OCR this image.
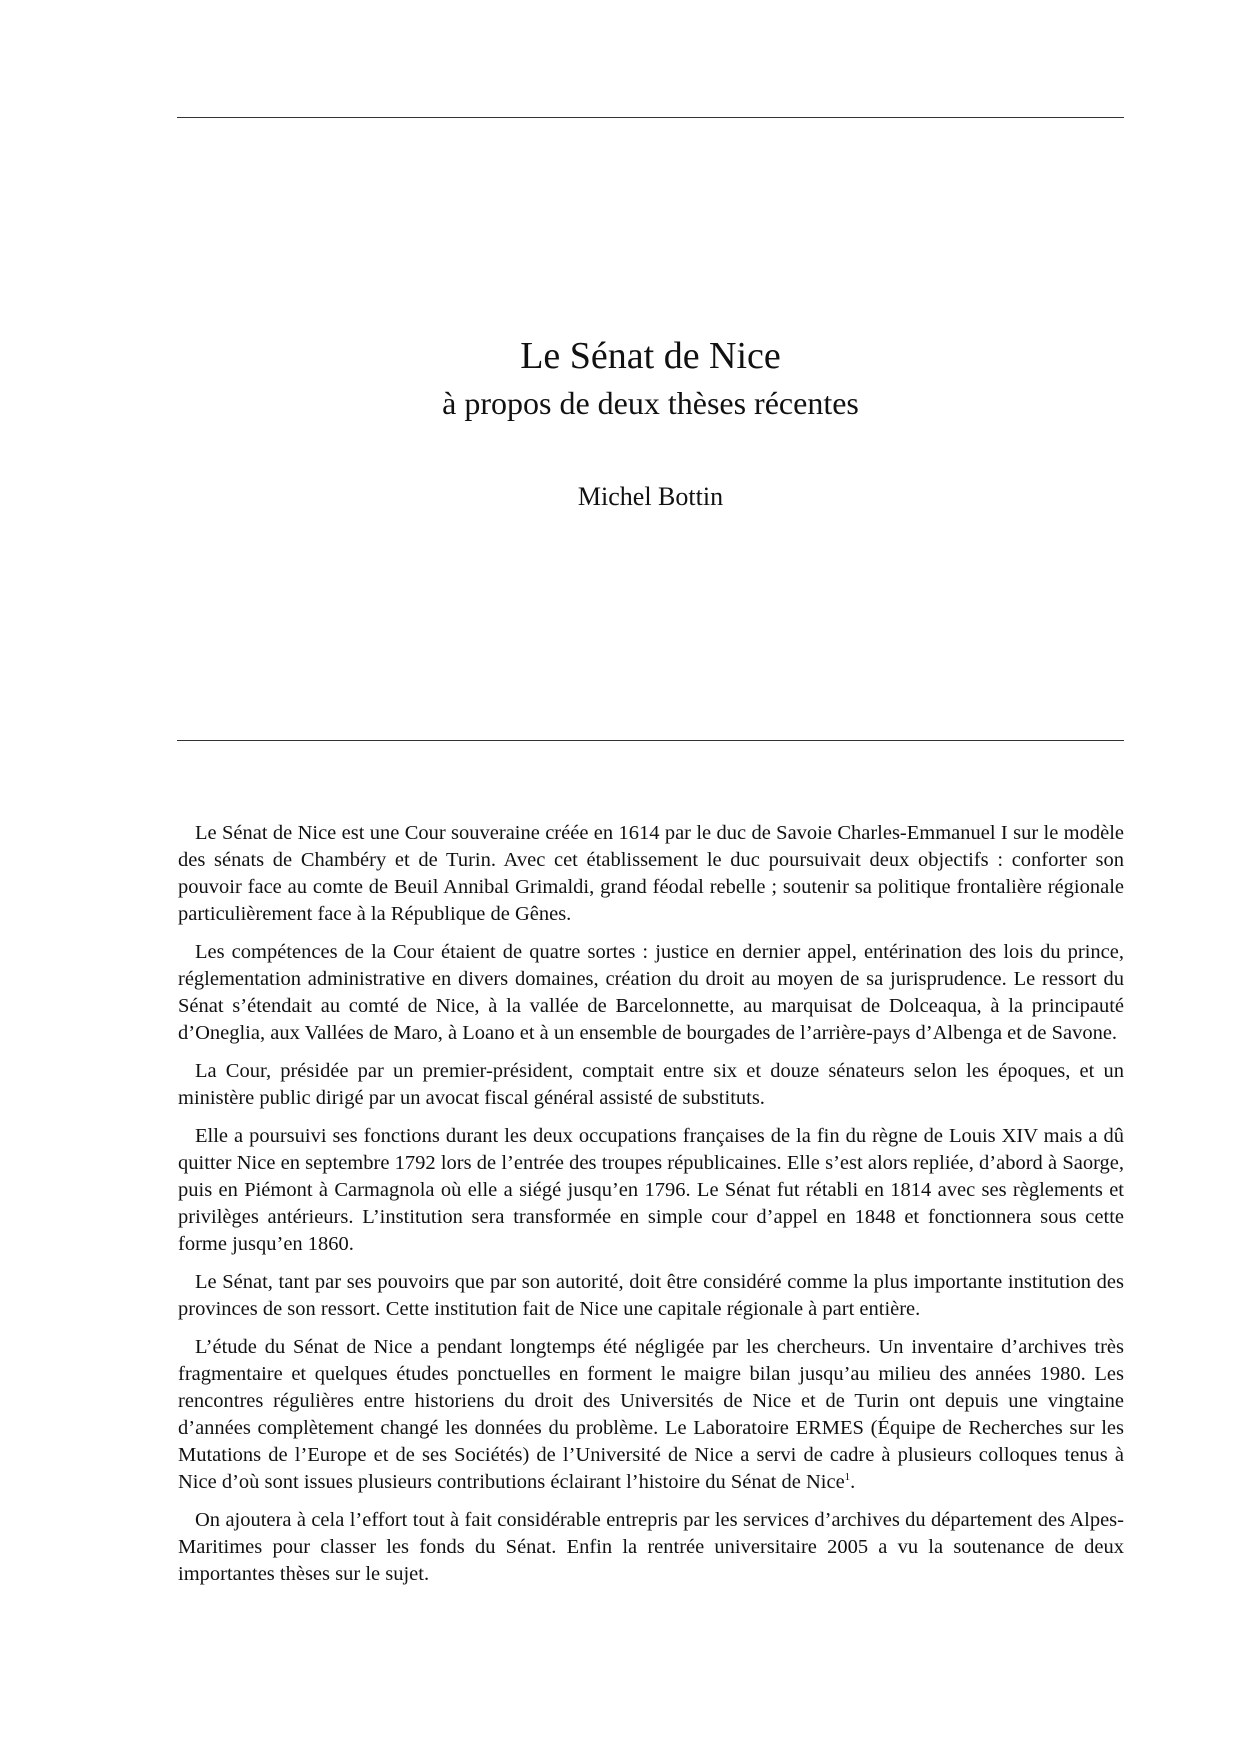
Le Sénat de Nice
à propos de deux thèses récentes
Michel Bottin

Le Sénat de Nice est une Cour souveraine créée en 1614 par le duc de Savoie Charles-Emmanuel I sur le modèle des sénats de Chambéry et de Turin. Avec cet établissement le duc poursuivait deux objectifs : conforter son pouvoir face au comte de Beuil Annibal Grimaldi, grand féodal rebelle ; soutenir sa politique frontalière régionale particulièrement face à la République de Gênes.

Les compétences de la Cour étaient de quatre sortes : justice en dernier appel, entérination des lois du prince, réglementation administrative en divers domaines, création du droit au moyen de sa jurisprudence. Le ressort du Sénat s’étendait au comté de Nice, à la vallée de Barcelonnette, au marquisat de Dolceaqua, à la principauté d’Oneglia, aux Vallées de Maro, à Loano et à un ensemble de bourgades de l’arrière-pays d’Albenga et de Savone.

La Cour, présidée par un premier-président, comptait entre six et douze sénateurs selon les époques, et un ministère public dirigé par un avocat fiscal général assisté de substituts.

Elle a poursuivi ses fonctions durant les deux occupations françaises de la fin du règne de Louis XIV mais a dû quitter Nice en septembre 1792 lors de l’entrée des troupes républicaines. Elle s’est alors repliée, d’abord à Saorge, puis en Piémont à Carmagnola où elle a siégé jusqu’en 1796. Le Sénat fut rétabli en 1814 avec ses règlements et privilèges antérieurs. L’institution sera transformée en simple cour d’appel en 1848 et fonctionnera sous cette forme jusqu’en 1860.

Le Sénat, tant par ses pouvoirs que par son autorité, doit être considéré comme la plus importante institution des provinces de son ressort. Cette institution fait de Nice une capitale régionale à part entière.

L’étude du Sénat de Nice a pendant longtemps été négligée par les chercheurs. Un inventaire d’archives très fragmentaire et quelques études ponctuelles en forment le maigre bilan jusqu’au milieu des années 1980. Les rencontres régulières entre historiens du droit des Universités de Nice et de Turin ont depuis une vingtaine d’années complètement changé les données du problème. Le Laboratoire ERMES (Équipe de Recherches sur les Mutations de l’Europe et de ses Sociétés) de l’Université de Nice a servi de cadre à plusieurs colloques tenus à Nice d’où sont issues plusieurs contributions éclairant l’histoire du Sénat de Nice$^1$.

On ajoutera à cela l’effort tout à fait considérable entrepris par les services d’archives du département des Alpes-Maritimes pour classer les fonds du Sénat. Enfin la rentrée universitaire 2005 a vu la soutenance de deux importantes thèses sur le sujet.
